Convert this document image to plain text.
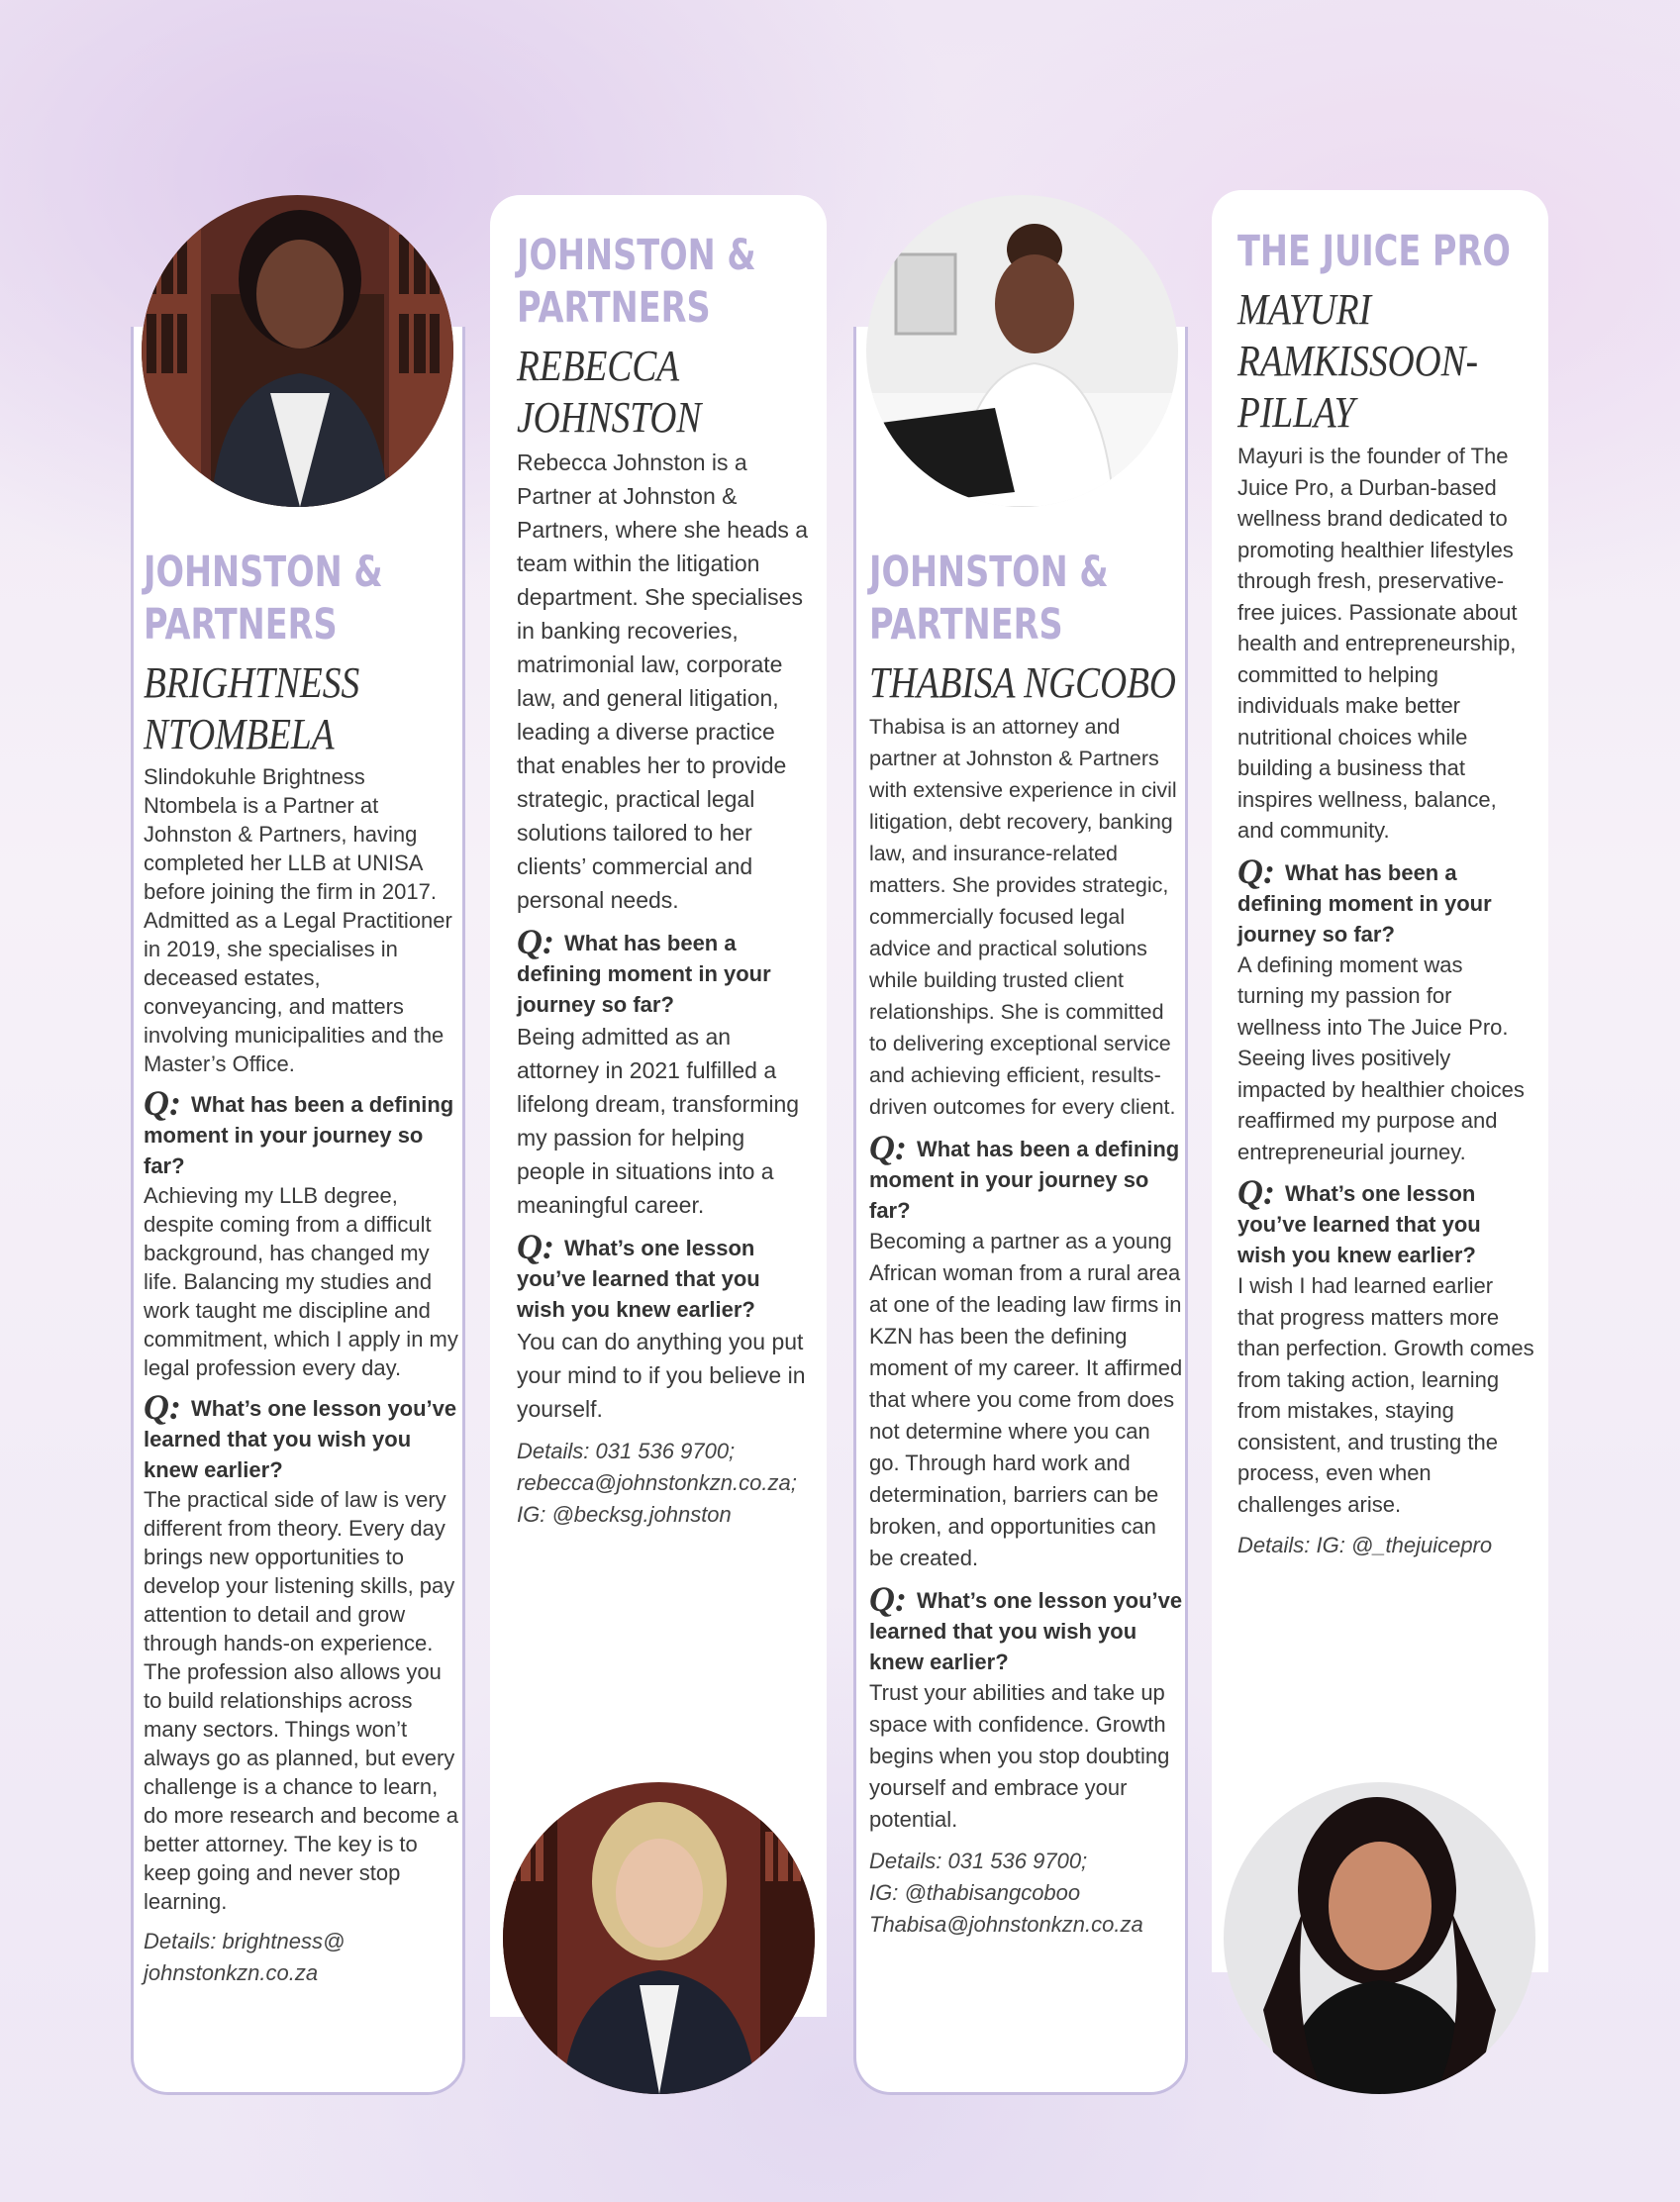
JOHNSTON &
PARTNERS
BRIGHTNESS
NTOMBELA

Slindokuhle Brightness Ntombela is a Partner at Johnston & Partners, having completed her LLB at UNISA before joining the firm in 2017. Admitted as a Legal Practitioner in 2019, she specialises in deceased estates, conveyancing, and matters involving municipalities and the Master’s Office.

Q: What has been a defining moment in your journey so far?

Achieving my LLB degree, despite coming from a difficult background, has changed my life. Balancing my studies and work taught me discipline and commitment, which I apply in my legal profession every day.

Q: What’s one lesson you’ve learned that you wish you knew earlier?

The practical side of law is very different from theory. Every day brings new opportunities to develop your listening skills, pay attention to detail and grow through hands-on experience. The profession also allows you to build relationships across many sectors. Things won’t always go as planned, but every challenge is a chance to learn, do more research and become a better attorney. The key is to keep going and never stop learning.

Details: brightness@
johnstonkzn.co.za
JOHNSTON &
PARTNERS
REBECCA
JOHNSTON

Rebecca Johnston is a Partner at Johnston & Partners, where she heads a team within the litigation department. She specialises in banking recoveries, matrimonial law, corporate law, and general litigation, leading a diverse practice that enables her to provide strategic, practical legal solutions tailored to her clients’ commercial and personal needs.

Q: What has been a defining moment in your journey so far?

Being admitted as an attorney in 2021 fulfilled a lifelong dream, transforming my passion for helping people in situations into a meaningful career.

Q: What’s one lesson you’ve learned that you wish you knew earlier?

You can do anything you put your mind to if you believe in yourself.

Details: 031 536 9700;
rebecca@johnstonkzn.co.za;
IG: @becksg.johnston
JOHNSTON &
PARTNERS
THABISA NGCOBO

Thabisa is an attorney and partner at Johnston & Partners with extensive experience in civil litigation, debt recovery, banking law, and insurance-related matters. She provides strategic, commercially focused legal advice and practical solutions while building trusted client relationships. She is committed to delivering exceptional service and achieving efficient, results-driven outcomes for every client.

Q: What has been a defining moment in your journey so far?

Becoming a partner as a young African woman from a rural area at one of the leading law firms in KZN has been the defining moment of my career. It affirmed that where you come from does not determine where you can go. Through hard work and determination, barriers can be broken, and opportunities can be created.

Q: What’s one lesson you’ve learned that you wish you knew earlier?

Trust your abilities and take up space with confidence. Growth begins when you stop doubting yourself and embrace your potential.

Details: 031 536 9700;
IG: @thabisangcoboo
Thabisa@johnstonkzn.co.za
THE JUICE PRO
MAYURI
RAMKISSOON-
PILLAY

Mayuri is the founder of The Juice Pro, a Durban-based wellness brand dedicated to promoting healthier lifestyles through fresh, preservative-free juices. Passionate about health and entrepreneurship, committed to helping individuals make better nutritional choices while building a business that inspires wellness, balance, and community.

Q: What has been a defining moment in your journey so far?

A defining moment was turning my passion for wellness into The Juice Pro. Seeing lives positively impacted by healthier choices reaffirmed my purpose and entrepreneurial journey.

Q: What’s one lesson you’ve learned that you wish you knew earlier?

I wish I had learned earlier that progress matters more than perfection. Growth comes from taking action, learning from mistakes, staying consistent, and trusting the process, even when challenges arise.

Details: IG: @_thejuicepro
